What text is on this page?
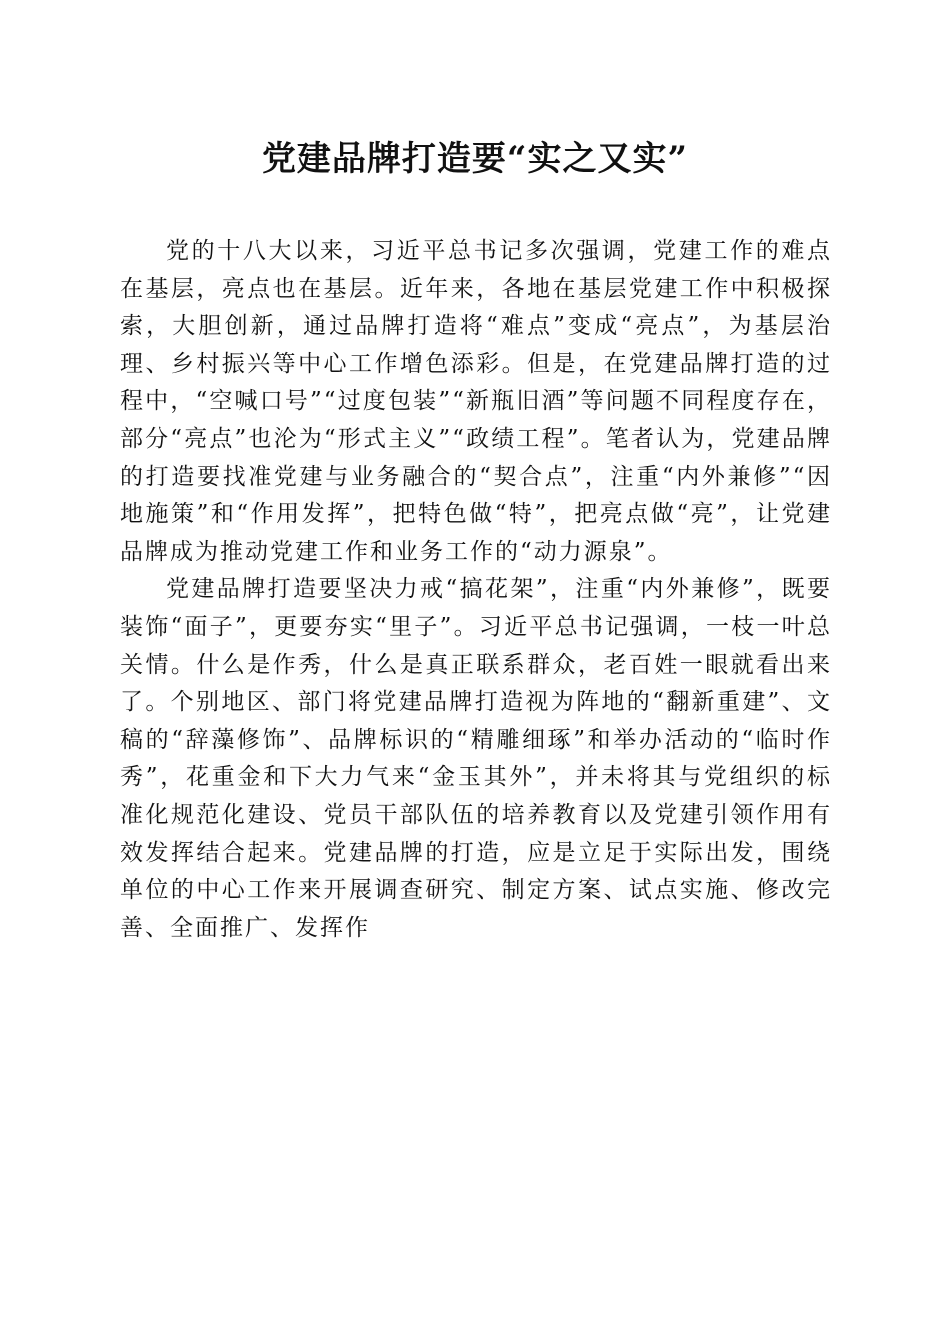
党建品牌打造要“实之又实”

党的十八大以来，习近平总书记多次强调，党建工作的难点在基层，亮点也在基层。近年来，各地在基层党建工作中积极探索，大胆创新，通过品牌打造将“难点”变成“亮点”，为基层治理、乡村振兴等中心工作增色添彩。但是，在党建品牌打造的过程中，“空喊口号”“过度包装”“新瓶旧酒”等问题不同程度存在，部分“亮点”也沦为“形式主义”“政绩工程”。笔者认为，党建品牌的打造要找准党建与业务融合的“契合点”，注重“内外兼修”“因地施策”和“作用发挥”，把特色做“特”，把亮点做“亮”，让党建品牌成为推动党建工作和业务工作的“动力源泉”。

党建品牌打造要坚决力戒“搞花架”，注重“内外兼修”，既要装饰“面子”，更要夯实“里子”。习近平总书记强调，一枝一叶总关情。什么是作秀，什么是真正联系群众，老百姓一眼就看出来了。个别地区、部门将党建品牌打造视为阵地的“翻新重建”、文稿的“辞藻修饰”、品牌标识的“精雕细琢”和举办活动的“临时作秀”，花重金和下大力气来“金玉其外”，并未将其与党组织的标准化规范化建设、党员干部队伍的培养教育以及党建引领作用有效发挥结合起来。党建品牌的打造，应是立足于实际出发，围绕单位的中心工作来开展调查研究、制定方案、试点实施、修改完善、全面推广、发挥作
